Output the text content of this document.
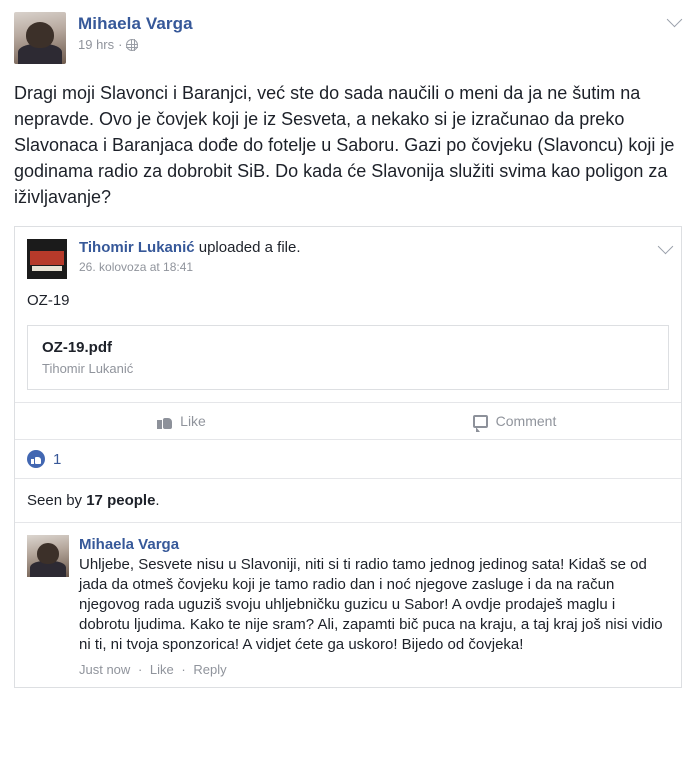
Mihaela Varga
19 hrs ·
Dragi moji Slavonci i Baranjci, već ste do sada naučili o meni da ja ne šutim na nepravde. Ovo je čovjek koji je iz Sesveta, a nekako si je izračunao da preko Slavonaca i Baranjaca dođe do fotelje u Saboru. Gazi po čovjeku (Slavoncu) koji je godinama radio za dobrobit SiB. Do kada će Slavonija služiti svima kao poligon za iživljavanje?
Tihomir Lukanić uploaded a file.
26. kolovoza at 18:41
OZ-19
OZ-19.pdf
Tihomir Lukanić
Like	Comment
1
Seen by 17 people.
Mihaela Varga
Uhljebe, Sesvete nisu u Slavoniji, niti si ti radio tamo jednog jedinog sata! Kidaš se od jada da otmeš čovjeku koji je tamo radio dan i noć njegove zasluge i da na račun njegovog rada uguziš svoju uhljebničku guzicu u Sabor! A ovdje prodaješ maglu i dobrotu ljudima. Kako te nije sram? Ali, zapamti bič puca na kraju, a taj kraj još nisi vidio ni ti, ni tvoja sponzorica! A vidjet ćete ga uskoro! Bijedo od čovjeka!
Just now · Like · Reply
